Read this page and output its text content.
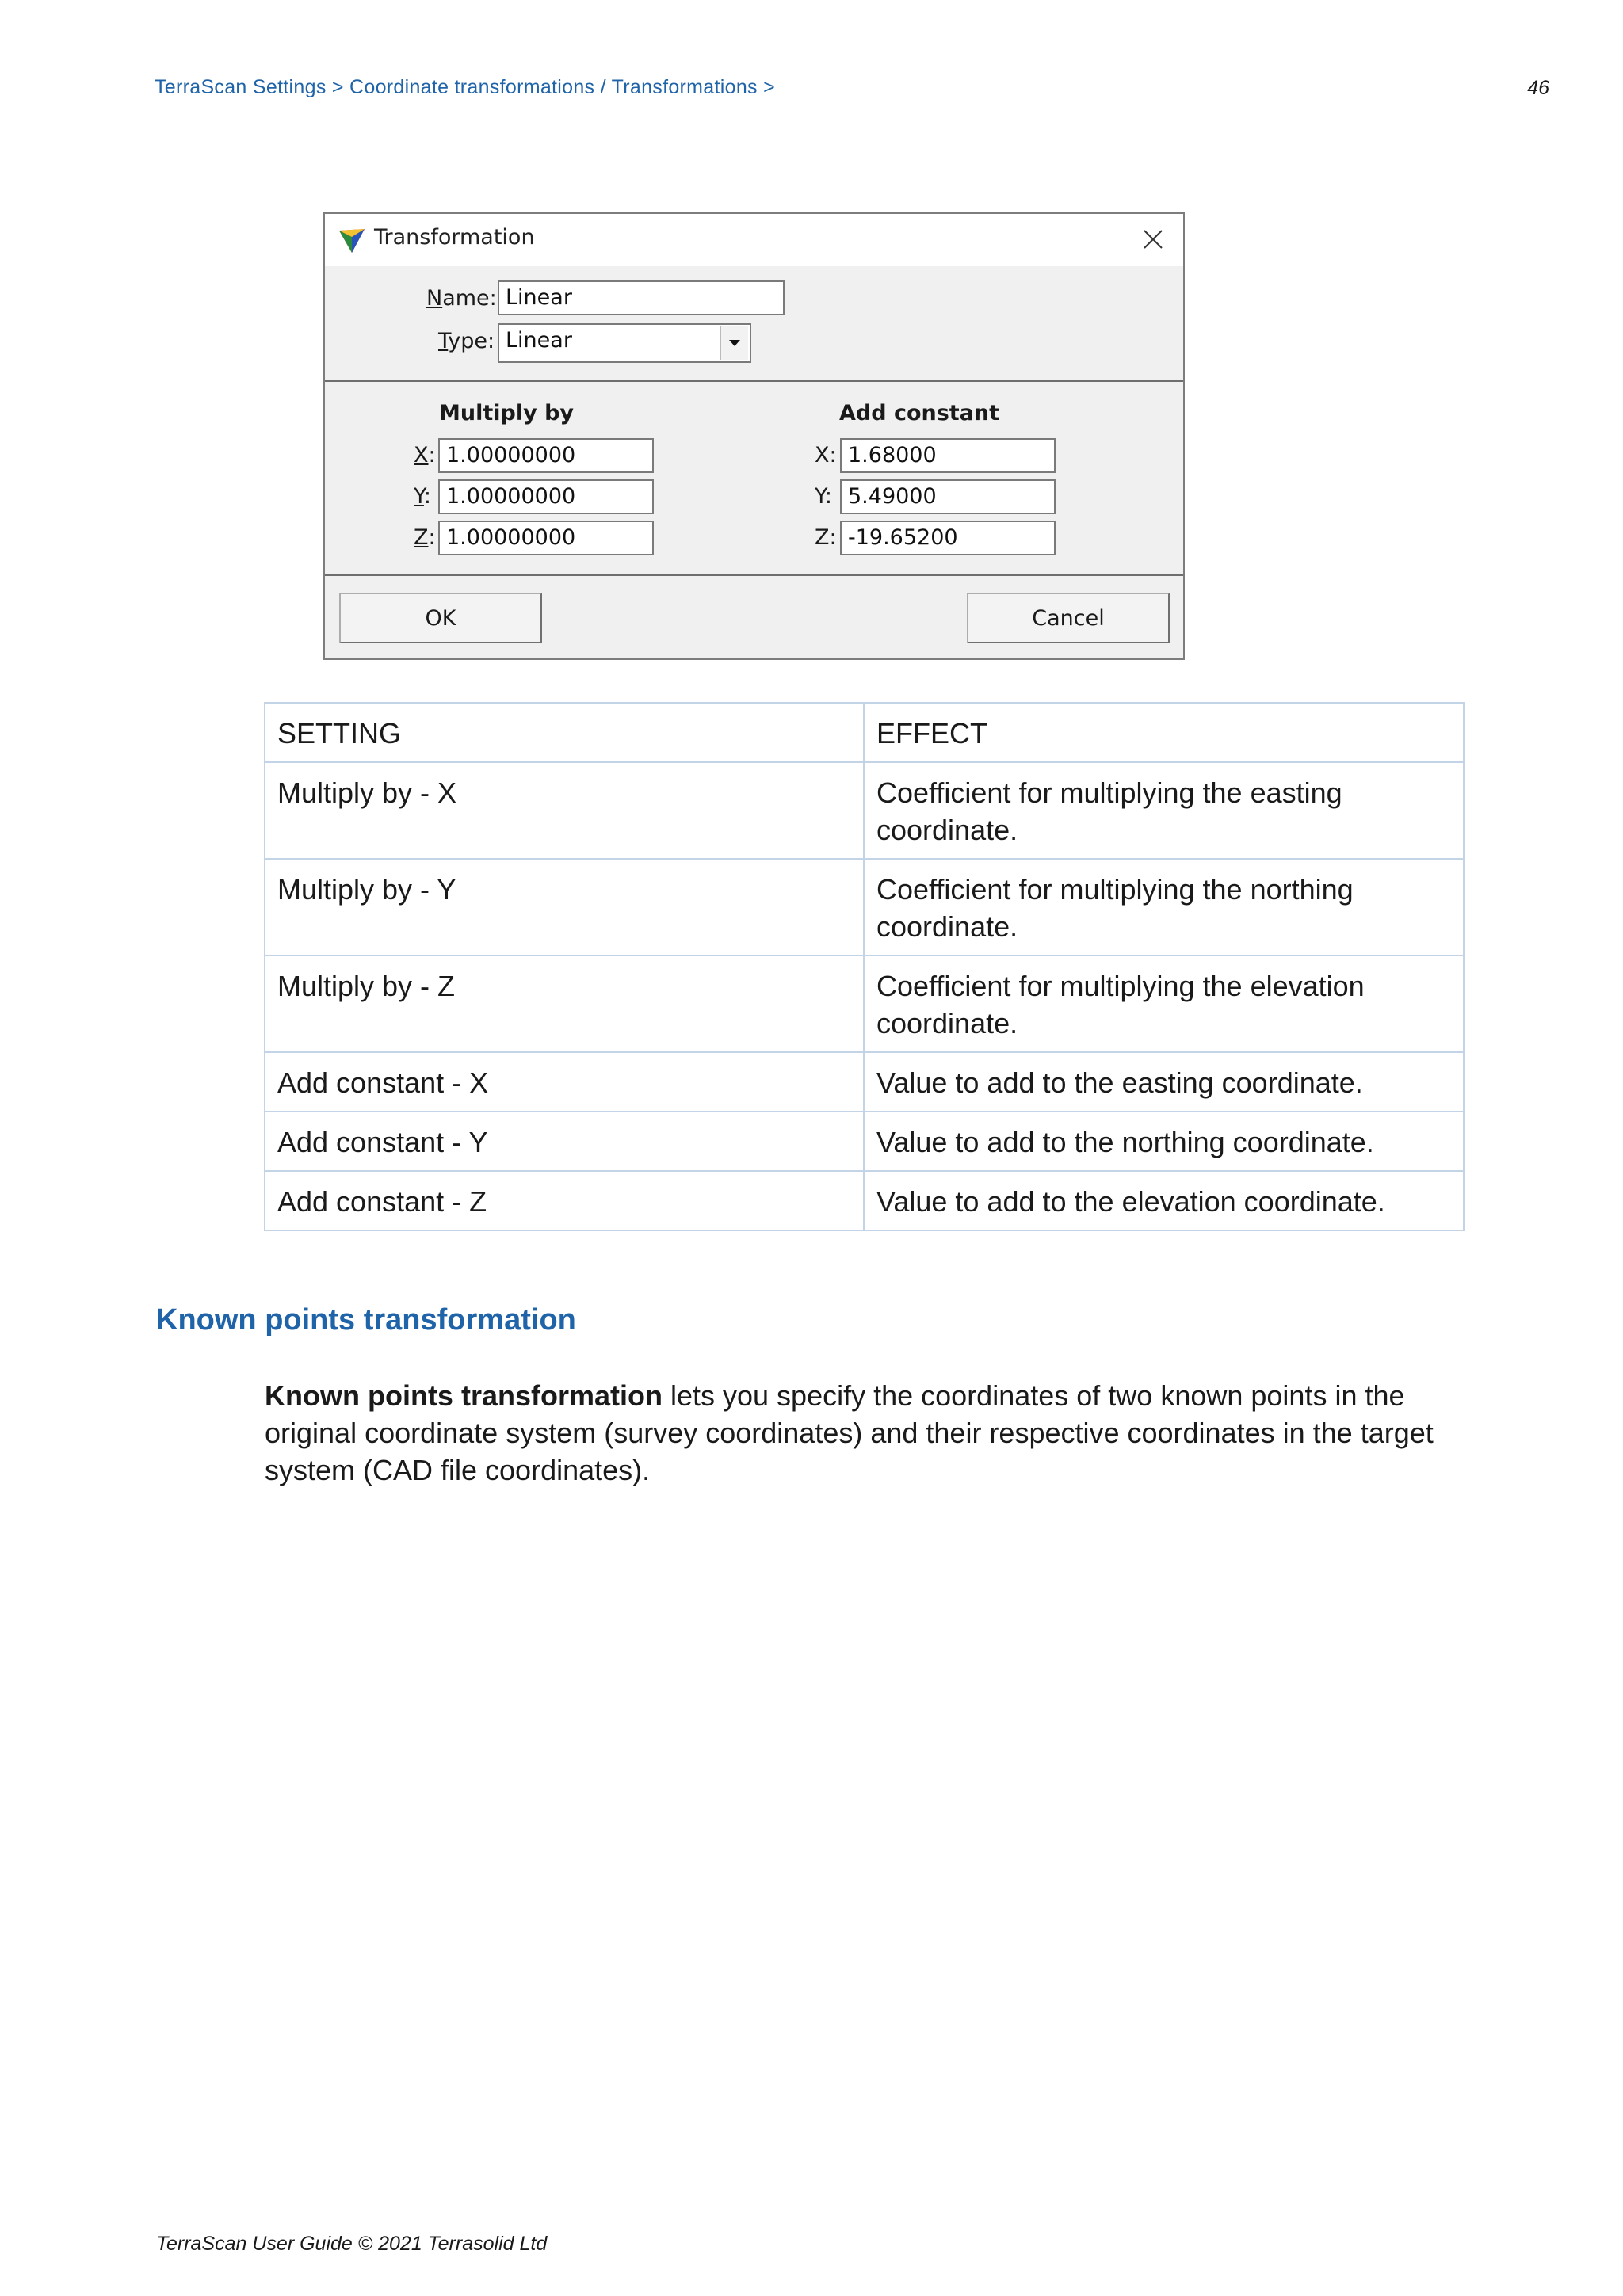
TerraScan Settings > Coordinate transformations / Transformations >	46
Transformation
Name: Linear
Type: Linear
Multiply by	Add constant
X: 1.00000000
Y: 1.00000000
Z: 1.00000000
X: 1.68000
Y: 5.49000
Z: -19.65200
OK	Cancel
SETTING	EFFECT
Multiply by - X	Coefficient for multiplying the easting coordinate.
Multiply by - Y	Coefficient for multiplying the northing coordinate.
Multiply by - Z	Coefficient for multiplying the elevation coordinate.
Add constant - X	Value to add to the easting coordinate.
Add constant - Y	Value to add to the northing coordinate.
Add constant - Z	Value to add to the elevation coordinate.
Known points transformation

Known points transformation lets you specify the coordinates of two known points in the original coordinate system (survey coordinates) and their respective coordinates in the target system (CAD file coordinates).

TerraScan User Guide © 2021 Terrasolid Ltd
